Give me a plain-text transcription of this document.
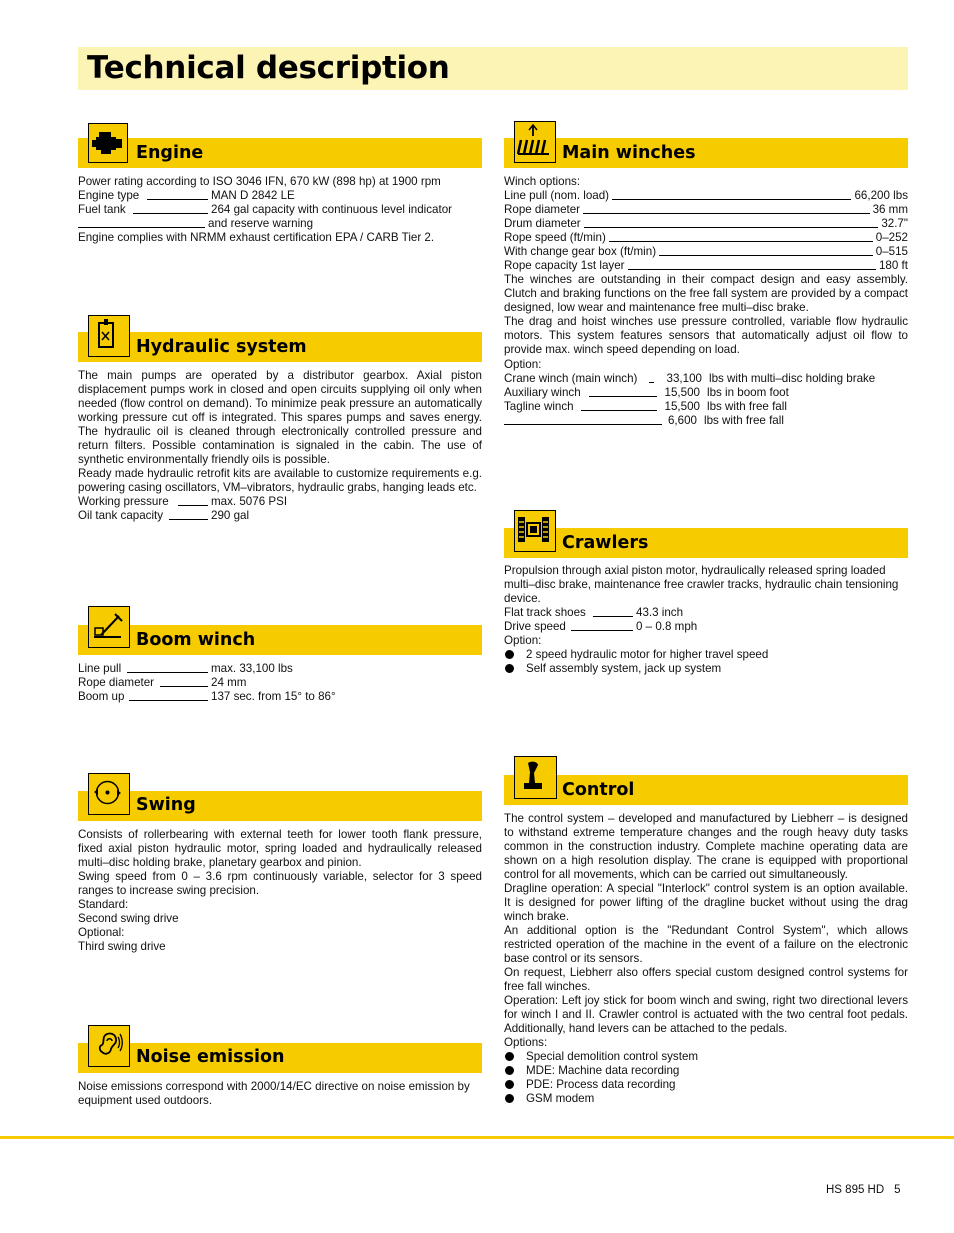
Technical description
Engine
Power rating according to ISO 3046 IFN, 670 kW (898 hp) at 1900 rpm
Engine type	MAN D 2842 LE
Fuel tank	264 gal capacity with continuous level indicator
and reserve warning
Engine complies with NRMM exhaust certification EPA / CARB Tier 2.
Hydraulic system

The main pumps are operated by a distributor gearbox. Axial piston displacement pumps work in closed and open circuits supplying oil only when needed (flow control on demand). To minimize peak pressure an automatically working pressure cut off is integrated. This spares pumps and saves energy. The hydraulic oil is cleaned through electronically controlled pressure and return filters. Possible contamination is signaled in the cabin. The use of synthetic environmentally friendly oils is possible.

Ready made hydraulic retrofit kits are available to customize requirements e.g. powering casing oscillators, VM–vibrators, hydraulic grabs, hanging leads etc.

Working pressure	max. 5076 PSI
Oil tank capacity	290 gal
Boom winch
Line pull	max. 33,100 lbs
Rope diameter	24 mm
Boom up	137 sec. from 15° to 86°
Swing

Consists of rollerbearing with external teeth for lower tooth flank pressure, fixed axial piston hydraulic motor, spring loaded and hydraulically released multi–disc holding brake, planetary gearbox and pinion.

Swing speed from 0 – 3.6 rpm continuously variable, selector for 3 speed ranges to increase swing precision.

Standard:
Second swing drive
Optional:
Third swing drive
Noise emission

Noise emissions correspond with 2000/14/EC directive on noise emission by equipment used outdoors.

Main winches
Winch options:
Line pull (nom. load)	66,200 lbs
Rope diameter	36 mm
Drum diameter	32.7"
Rope speed (ft/min)	0–252
With change gear box (ft/min)	0–515
Rope capacity 1st layer	180 ft

The winches are outstanding in their compact design and easy assembly. Clutch and braking functions on the free fall system are provided by a compact designed, low wear and maintenance free multi–disc brake.

The drag and hoist winches use pressure controlled, variable flow hydraulic motors. This system features sensors that automatically adjust oil flow to provide max. winch speed depending on load.

Option:
Crane winch (main winch)	33,100 lbs with multi–disc holding brake
Auxiliary winch	15,500 lbs in boom foot
Tagline winch	15,500 lbs with free fall
6,600 lbs with free fall
Crawlers

Propulsion through axial piston motor, hydraulically released spring loaded multi–disc brake, maintenance free crawler tracks, hydraulic chain tensioning device.

Flat track shoes	43.3 inch
Drive speed	0 – 0.8 mph
Option:
2 speed hydraulic motor for higher travel speed
Self assembly system, jack up system
Control

The control system – developed and manufactured by Liebherr – is designed to withstand extreme temperature changes and the rough heavy duty tasks common in the construction industry. Complete machine operating data are shown on a high resolution display. The crane is equipped with proportional control for all movements, which can be carried out simultaneously.

Dragline operation: A special "Interlock" control system is an option available. It is designed for power lifting of the dragline bucket without using the drag winch brake.

An additional option is the "Redundant Control System", which allows restricted operation of the machine in the event of a failure on the electronic base control or its sensors.

On request, Liebherr also offers special custom designed control systems for free fall winches.

Operation: Left joy stick for boom winch and swing, right two directional levers for winch I and II. Crawler control is actuated with the two central foot pedals. Additionally, hand levers can be attached to the pedals.

Options:
Special demolition control system
MDE: Machine data recording
PDE: Process data recording
GSM modem
HS 895 HD 5
